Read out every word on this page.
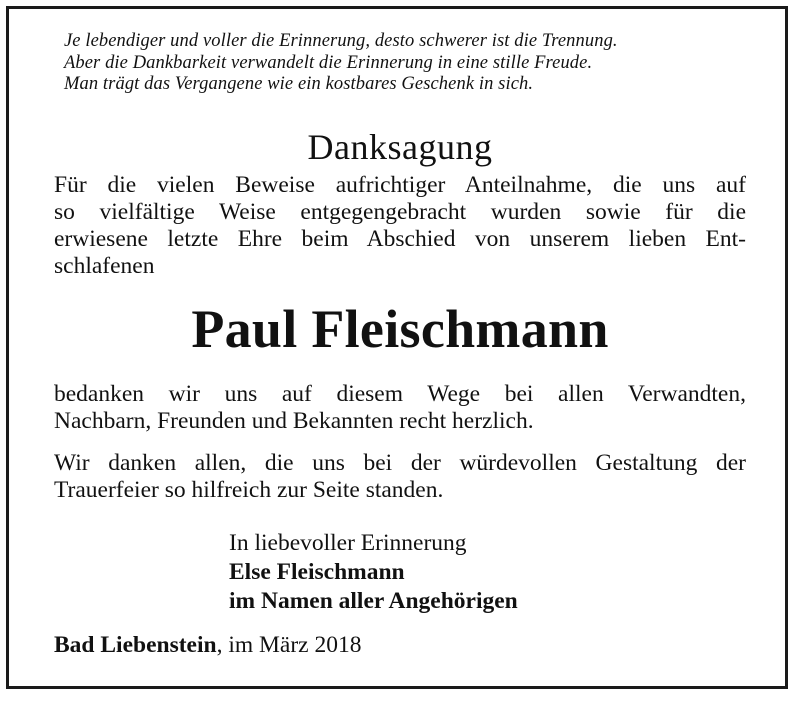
Je lebendiger und voller die Erinnerung, desto schwerer ist die Trennung.
Aber die Dankbarkeit verwandelt die Erinnerung in eine stille Freude.
Man trägt das Vergangene wie ein kostbares Geschenk in sich.
Danksagung
Für die vielen Beweise aufrichtiger Anteilnahme, die uns auf
so vielfältige Weise entgegengebracht wurden sowie für die
erwiesene letzte Ehre beim Abschied von unserem lieben Ent-
schlafenen
Paul Fleischmann
bedanken wir uns auf diesem Wege bei allen Verwandten,
Nachbarn, Freunden und Bekannten recht herzlich.
Wir danken allen, die uns bei der würdevollen Gestaltung der
Trauerfeier so hilfreich zur Seite standen.
In liebevoller Erinnerung
Else Fleischmann
im Namen aller Angehörigen
Bad Liebenstein, im März 2018
